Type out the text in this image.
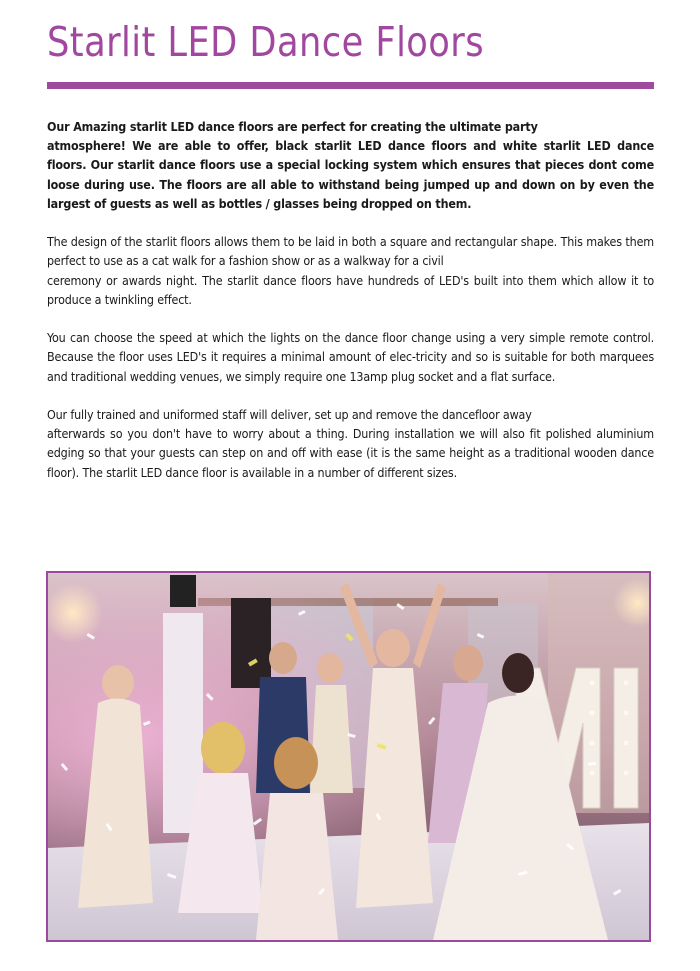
Starlit LED Dance Floors

Our Amazing starlit LED dance floors are perfect for creating the ultimate party
atmosphere! We are able to offer, black starlit LED dance floors and white starlit LED dance floors. Our starlit dance floors use a special locking system which ensures that pieces dont come loose during use. The floors are all able to withstand being jumped up and down on by even the largest of guests as well as bottles / glasses being dropped on them.

The design of the starlit floors allows them to be laid in both a square and rectangular shape. This makes them perfect to use as a cat walk for a fashion show or as a walkway for a civil
ceremony or awards night. The starlit dance floors have hundreds of LED's built into them which allow it to produce a twinkling effect.

You can choose the speed at which the lights on the dance floor change using a very simple remote control. Because the floor uses LED's it requires a minimal amount of elec-tricity and so is suitable for both marquees and traditional wedding venues, we simply require one 13amp plug socket and a flat surface.

Our fully trained and uniformed staff will deliver, set up and remove the dancefloor away
afterwards so you don't have to worry about a thing. During installation we will also fit polished aluminium edging so that your guests can step on and off with ease (it is the same height as a traditional wooden dance floor). The starlit LED dance floor is available in a number of different sizes.
